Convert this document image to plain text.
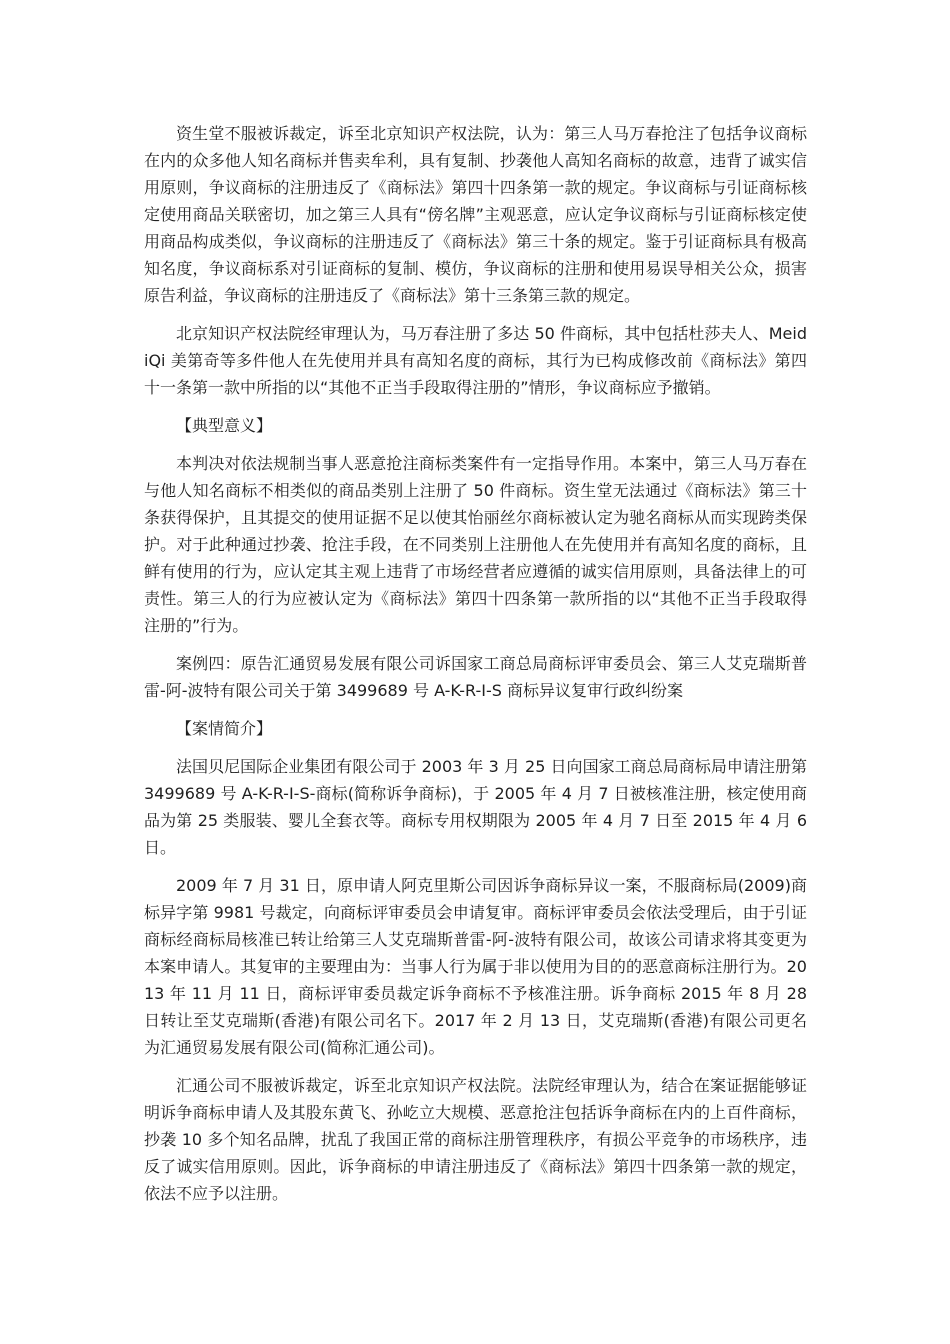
资生堂不服被诉裁定，诉至北京知识产权法院，认为：第三人马万春抢注了包括争议商标在内的众多他人知名商标并售卖牟利，具有复制、抄袭他人高知名商标的故意，违背了诚实信用原则，争议商标的注册违反了《商标法》第四十四条第一款的规定。争议商标与引证商标核定使用商品关联密切，加之第三人具有“傍名牌”主观恶意，应认定争议商标与引证商标核定使用商品构成类似，争议商标的注册违反了《商标法》第三十条的规定。鉴于引证商标具有极高知名度，争议商标系对引证商标的复制、模仿，争议商标的注册和使用易误导相关公众，损害原告利益，争议商标的注册违反了《商标法》第十三条第三款的规定。

北京知识产权法院经审理认为，马万春注册了多达 50 件商标，其中包括杜莎夫人、MeidiQi 美第奇等多件他人在先使用并具有高知名度的商标，其行为已构成修改前《商标法》第四十一条第一款中所指的以“其他不正当手段取得注册的”情形，争议商标应予撤销。

【典型意义】

本判决对依法规制当事人恶意抢注商标类案件有一定指导作用。本案中，第三人马万春在与他人知名商标不相类似的商品类别上注册了 50 件商标。资生堂无法通过《商标法》第三十条获得保护，且其提交的使用证据不足以使其怡丽丝尔商标被认定为驰名商标从而实现跨类保护。对于此种通过抄袭、抢注手段，在不同类别上注册他人在先使用并有高知名度的商标，且鲜有使用的行为，应认定其主观上违背了市场经营者应遵循的诚实信用原则，具备法律上的可责性。第三人的行为应被认定为《商标法》第四十四条第一款所指的以“其他不正当手段取得注册的”行为。

案例四：原告汇通贸易发展有限公司诉国家工商总局商标评审委员会、第三人艾克瑞斯普雷-阿-波特有限公司关于第 3499689 号 A-K-R-I-S 商标异议复审行政纠纷案

【案情简介】

法国贝尼国际企业集团有限公司于 2003 年 3 月 25 日向国家工商总局商标局申请注册第 3499689 号 A-K-R-I-S-商标(简称诉争商标)，于 2005 年 4 月 7 日被核准注册，核定使用商品为第 25 类服装、婴儿全套衣等。商标专用权期限为 2005 年 4 月 7 日至 2015 年 4 月 6 日。

2009 年 7 月 31 日，原申请人阿克里斯公司因诉争商标异议一案，不服商标局(2009)商标异字第 9981 号裁定，向商标评审委员会申请复审。商标评审委员会依法受理后，由于引证商标经商标局核准已转让给第三人艾克瑞斯普雷-阿-波特有限公司，故该公司请求将其变更为本案申请人。其复审的主要理由为：当事人行为属于非以使用为目的的恶意商标注册行为。2013 年 11 月 11 日，商标评审委员裁定诉争商标不予核准注册。诉争商标 2015 年 8 月 28 日转让至艾克瑞斯(香港)有限公司名下。2017 年 2 月 13 日，艾克瑞斯(香港)有限公司更名为汇通贸易发展有限公司(简称汇通公司)。

汇通公司不服被诉裁定，诉至北京知识产权法院。法院经审理认为，结合在案证据能够证明诉争商标申请人及其股东黄飞、孙屹立大规模、恶意抢注包括诉争商标在内的上百件商标，抄袭 10 多个知名品牌，扰乱了我国正常的商标注册管理秩序，有损公平竞争的市场秩序，违反了诚实信用原则。因此，诉争商标的申请注册违反了《商标法》第四十四条第一款的规定，依法不应予以注册。
